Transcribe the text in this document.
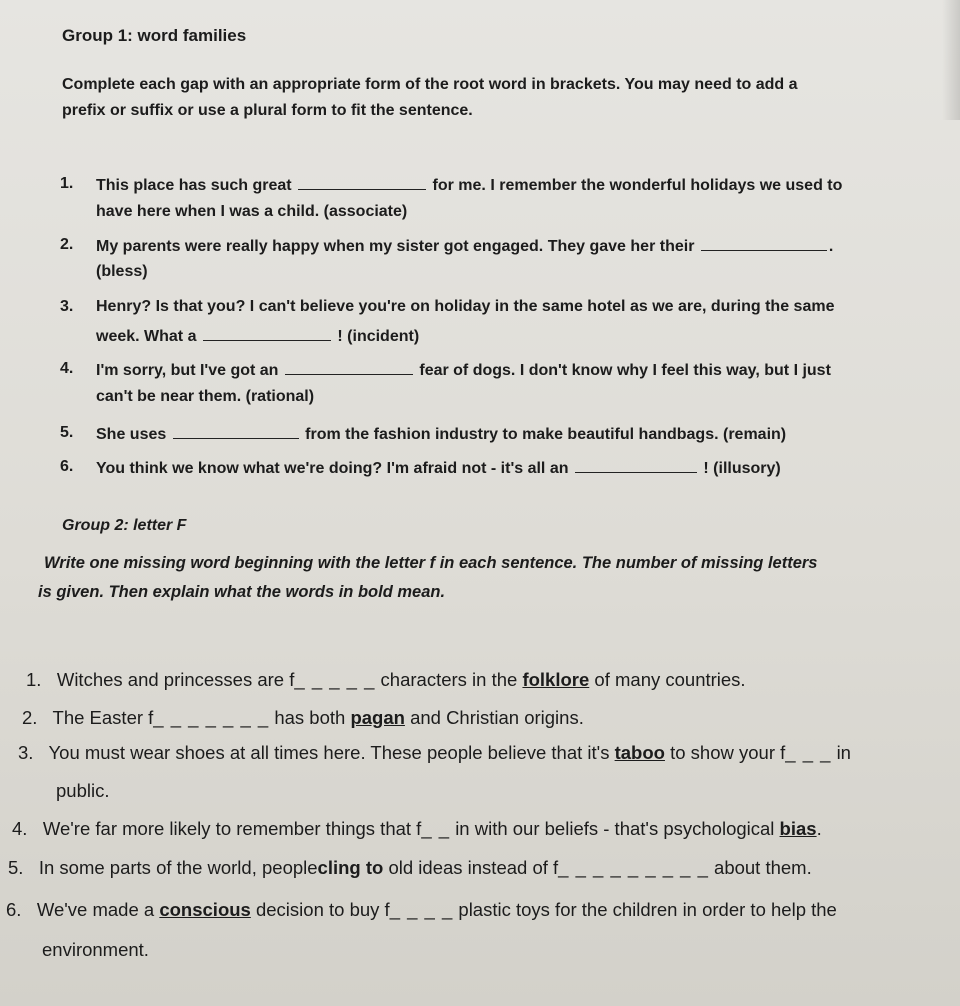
Group 1: word families
Complete each gap with an appropriate form of the root word in brackets. You may need to add a
prefix or suffix or use a plural form to fit the sentence.
1. This place has such great	for me. I remember the wonderful holidays we used to
have here when I was a child. (associate)
2. My parents were really happy when my sister got engaged. They gave her their	.
(bless)
3. Henry? Is that you? I can't believe you're on holiday in the same hotel as we are, during the same
week. What a	! (incident)
4. I'm sorry, but I've got an	fear of dogs. I don't know why I feel this way, but I just
can't be near them. (rational)
5. She uses	from the fashion industry to make beautiful handbags. (remain)
6. You think we know what we're doing? I'm afraid not - it's all an	! (illusory)
Group 2: letter F
Write one missing word beginning with the letter f in each sentence. The number of missing letters
is given. Then explain what the words in bold mean.
1. Witches and princesses are f_ _ _ _ _ characters in the folklore of many countries.
2. The Easter f_ _ _ _ _ _ _ has both pagan and Christian origins.
3. You must wear shoes at all times here. These people believe that it's taboo to show your f_ _ _ in
public.
4. We're far more likely to remember things that f_ _ in with our beliefs - that's psychological bias.
5. In some parts of the world, peoplecling to old ideas instead of f_ _ _ _ _ _ _ _ _ about them.
6. We've made a conscious decision to buy f_ _ _ _ plastic toys for the children in order to help the
environment.
